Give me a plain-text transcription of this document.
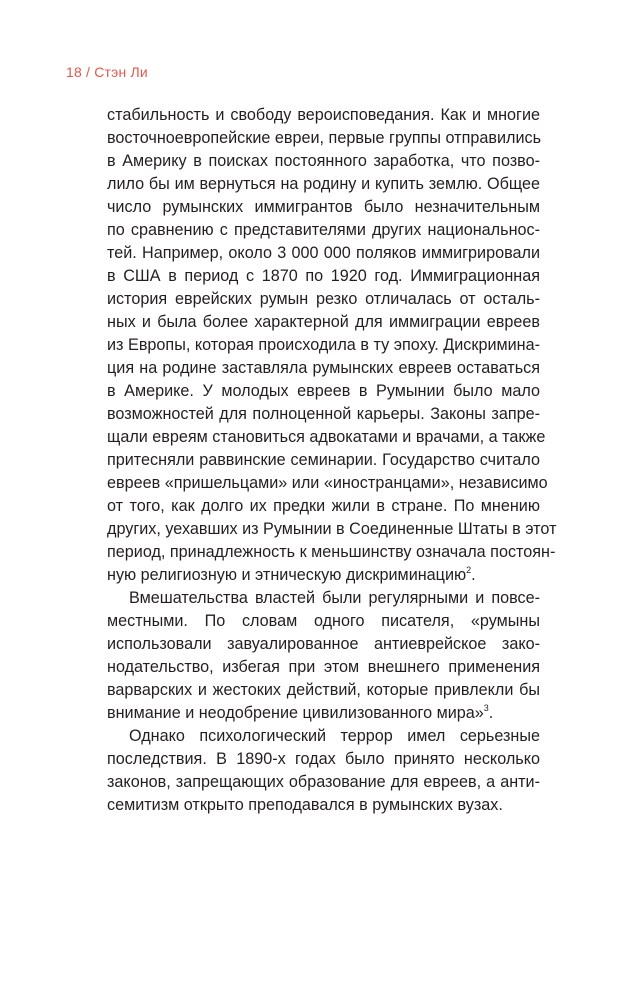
18 / Стэн Ли
стабильность и свободу вероисповедания. Как и многие
восточноевропейские евреи, первые группы отправились
в Америку в поисках постоянного заработка, что позво-
лило бы им вернуться на родину и купить землю. Общее
число румынских иммигрантов было незначительным
по сравнению с представителями других национальнос-
тей. Например, около 3 000 000 поляков иммигрировали
в США в период с 1870 по 1920 год. Иммиграционная
история еврейских румын резко отличалась от осталь-
ных и была более характерной для иммиграции евреев
из Европы, которая происходила в ту эпоху. Дискримина-
ция на родине заставляла румынских евреев оставаться
в Америке. У молодых евреев в Румынии было мало
возможностей для полноценной карьеры. Законы запре-
щали евреям становиться адвокатами и врачами, а также
притесняли раввинские семинарии. Государство считало
евреев «пришельцами» или «иностранцами», независимо
от того, как долго их предки жили в стране. По мнению
других, уехавших из Румынии в Соединенные Штаты в этот
период, принадлежность к меньшинству означала постоян-
ную религиозную и этническую дискриминацию$^2$.
Вмешательства властей были регулярными и повсе-
местными. По словам одного писателя, «румыны
использовали завуалированное антиеврейское зако-
нодательство, избегая при этом внешнего применения
варварских и жестоких действий, которые привлекли бы
внимание и неодобрение цивилизованного мира»$^3$.
Однако психологический террор имел серьезные
последствия. В 1890-х годах было принято несколько
законов, запрещающих образование для евреев, а анти-
семитизм открыто преподавался в румынских вузах.
